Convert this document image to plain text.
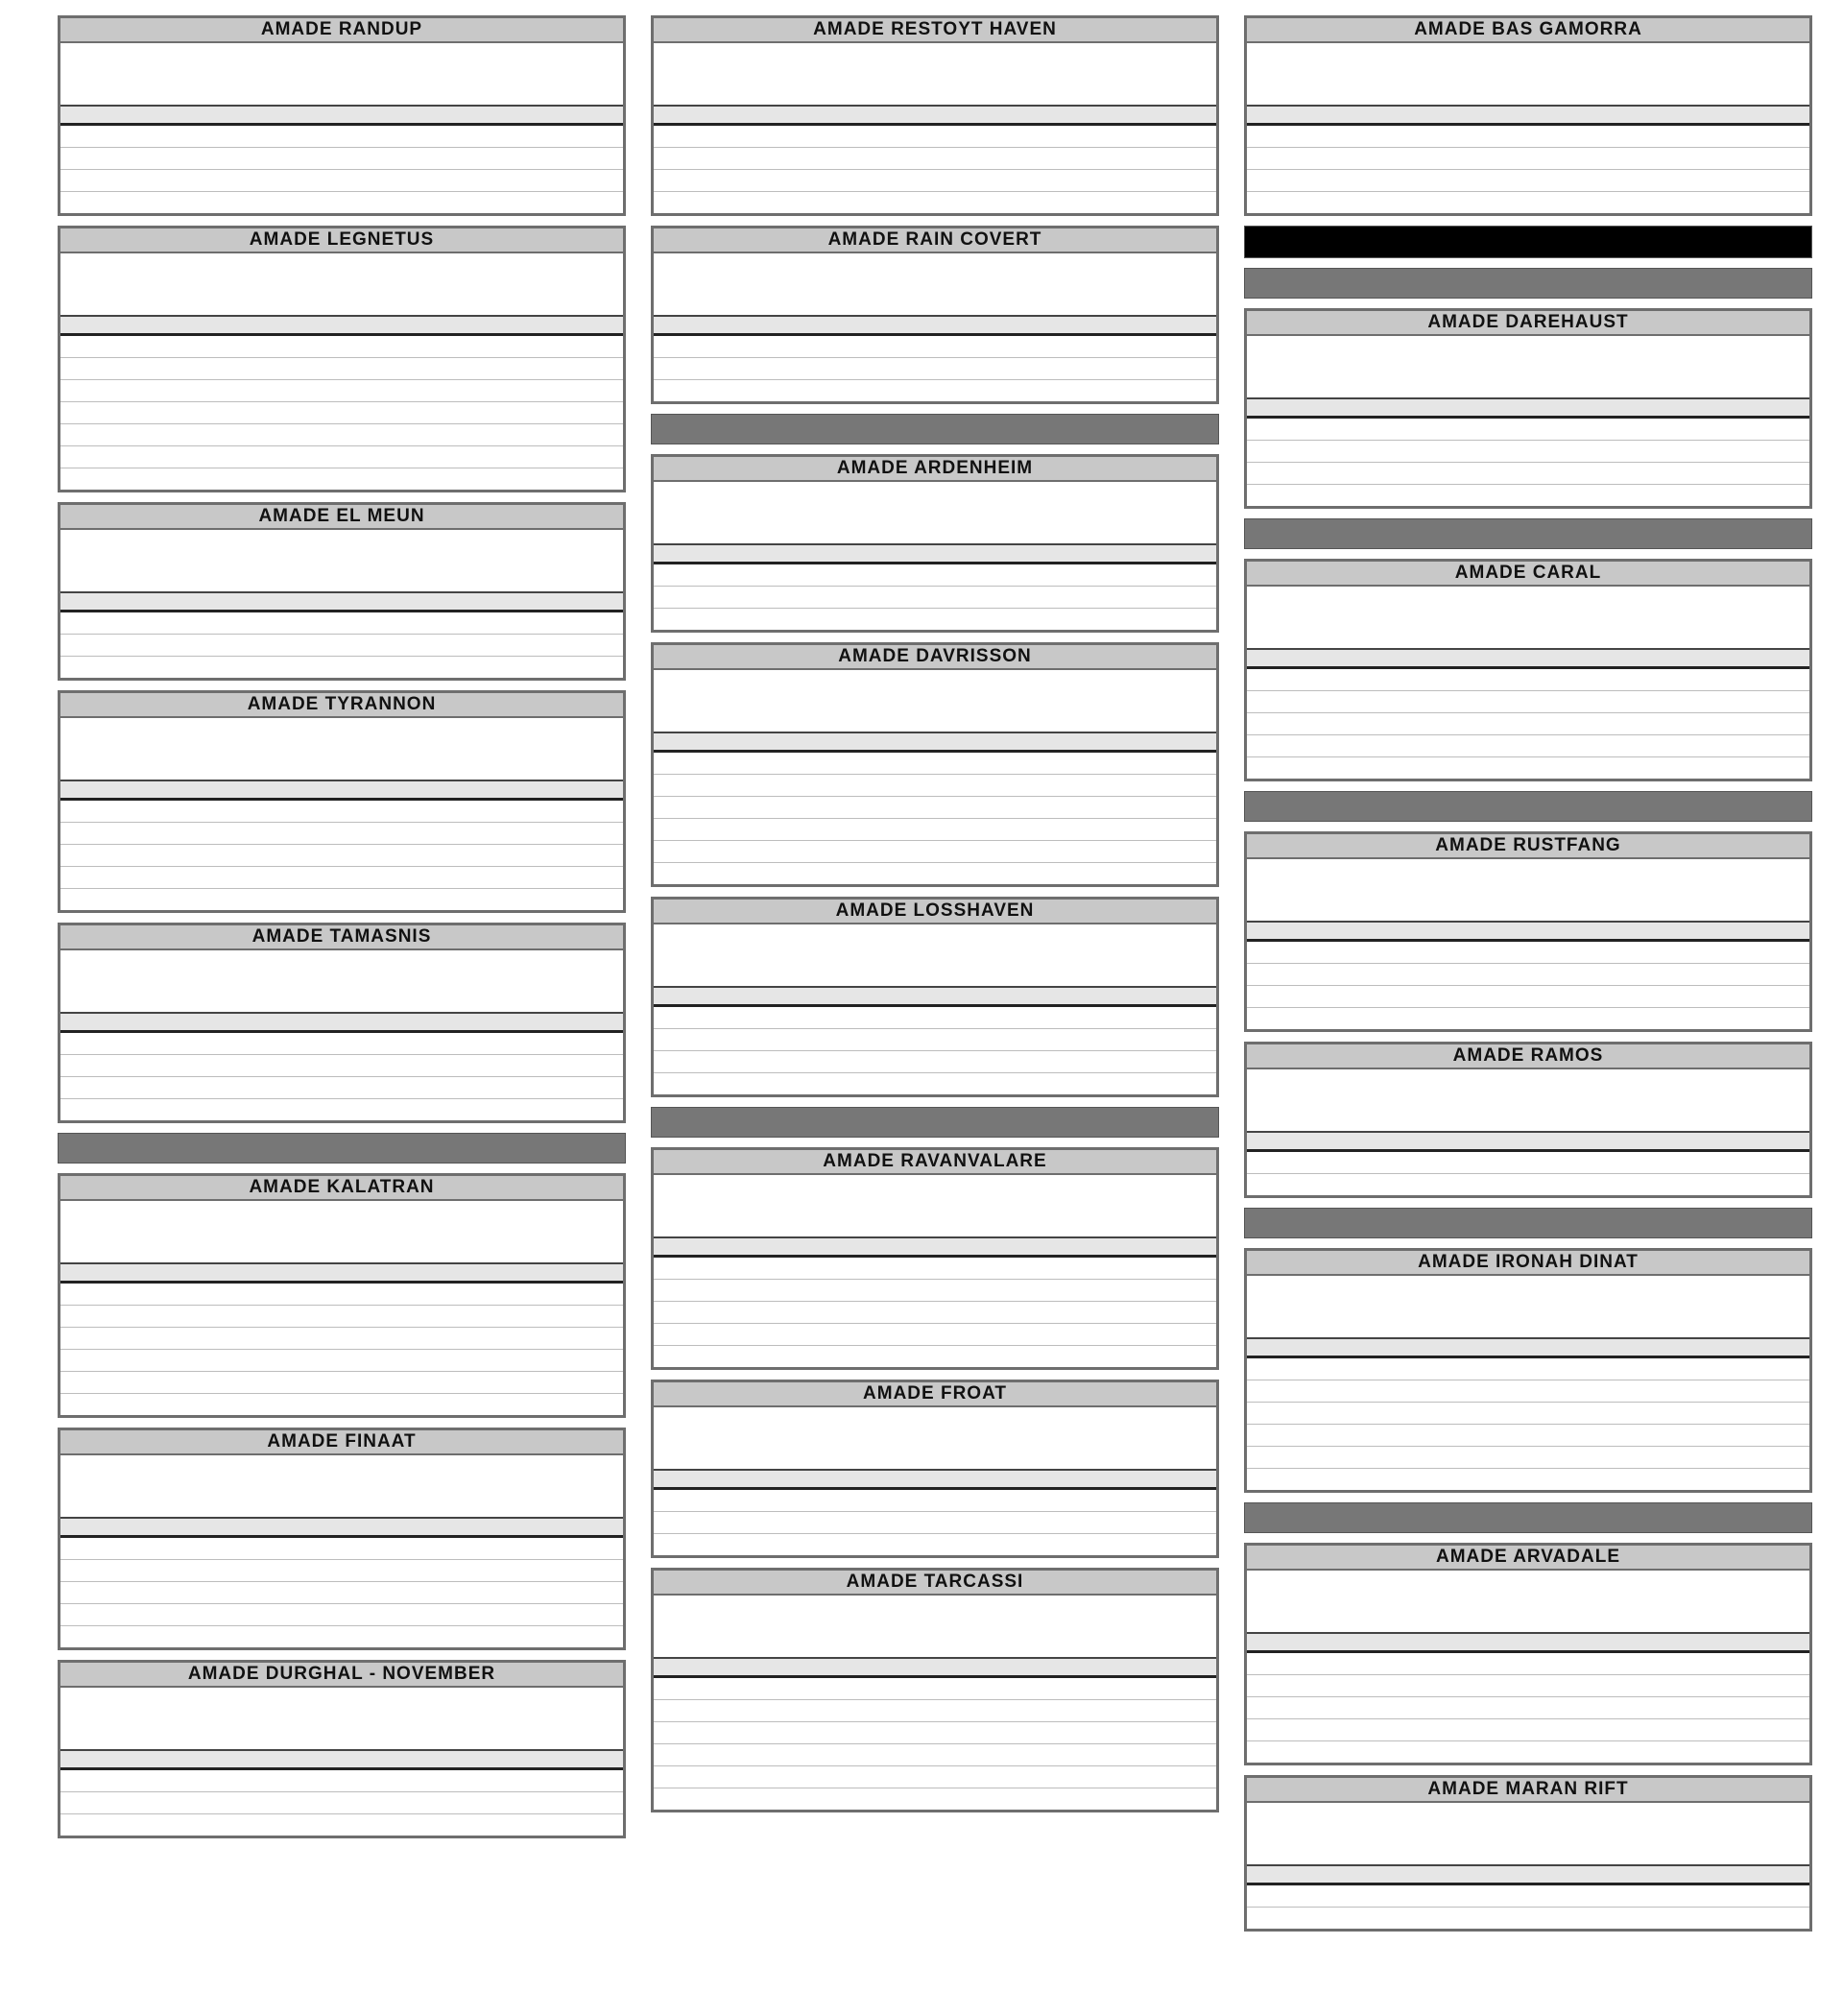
AMADE RANDUP
AMADE LEGNETUS
AMADE EL MEUN
AMADE TYRANNON
AMADE TAMASNIS
AMADE KALATRAN
AMADE FINAAT
AMADE DURGHAL - NOVEMBER
AMADE RESTOYT HAVEN
AMADE RAIN COVERT
AMADE ARDENHEIM
AMADE DAVRISSON
AMADE LOSSHAVEN
AMADE RAVANVALARE
AMADE FROAT
AMADE TARCASSI
AMADE BAS GAMORRA
AMADE DAREHAUST
AMADE CARAL
AMADE RUSTFANG
AMADE RAMOS
AMADE IRONAH DINAT
AMADE ARVADALE
AMADE MARAN RIFT
